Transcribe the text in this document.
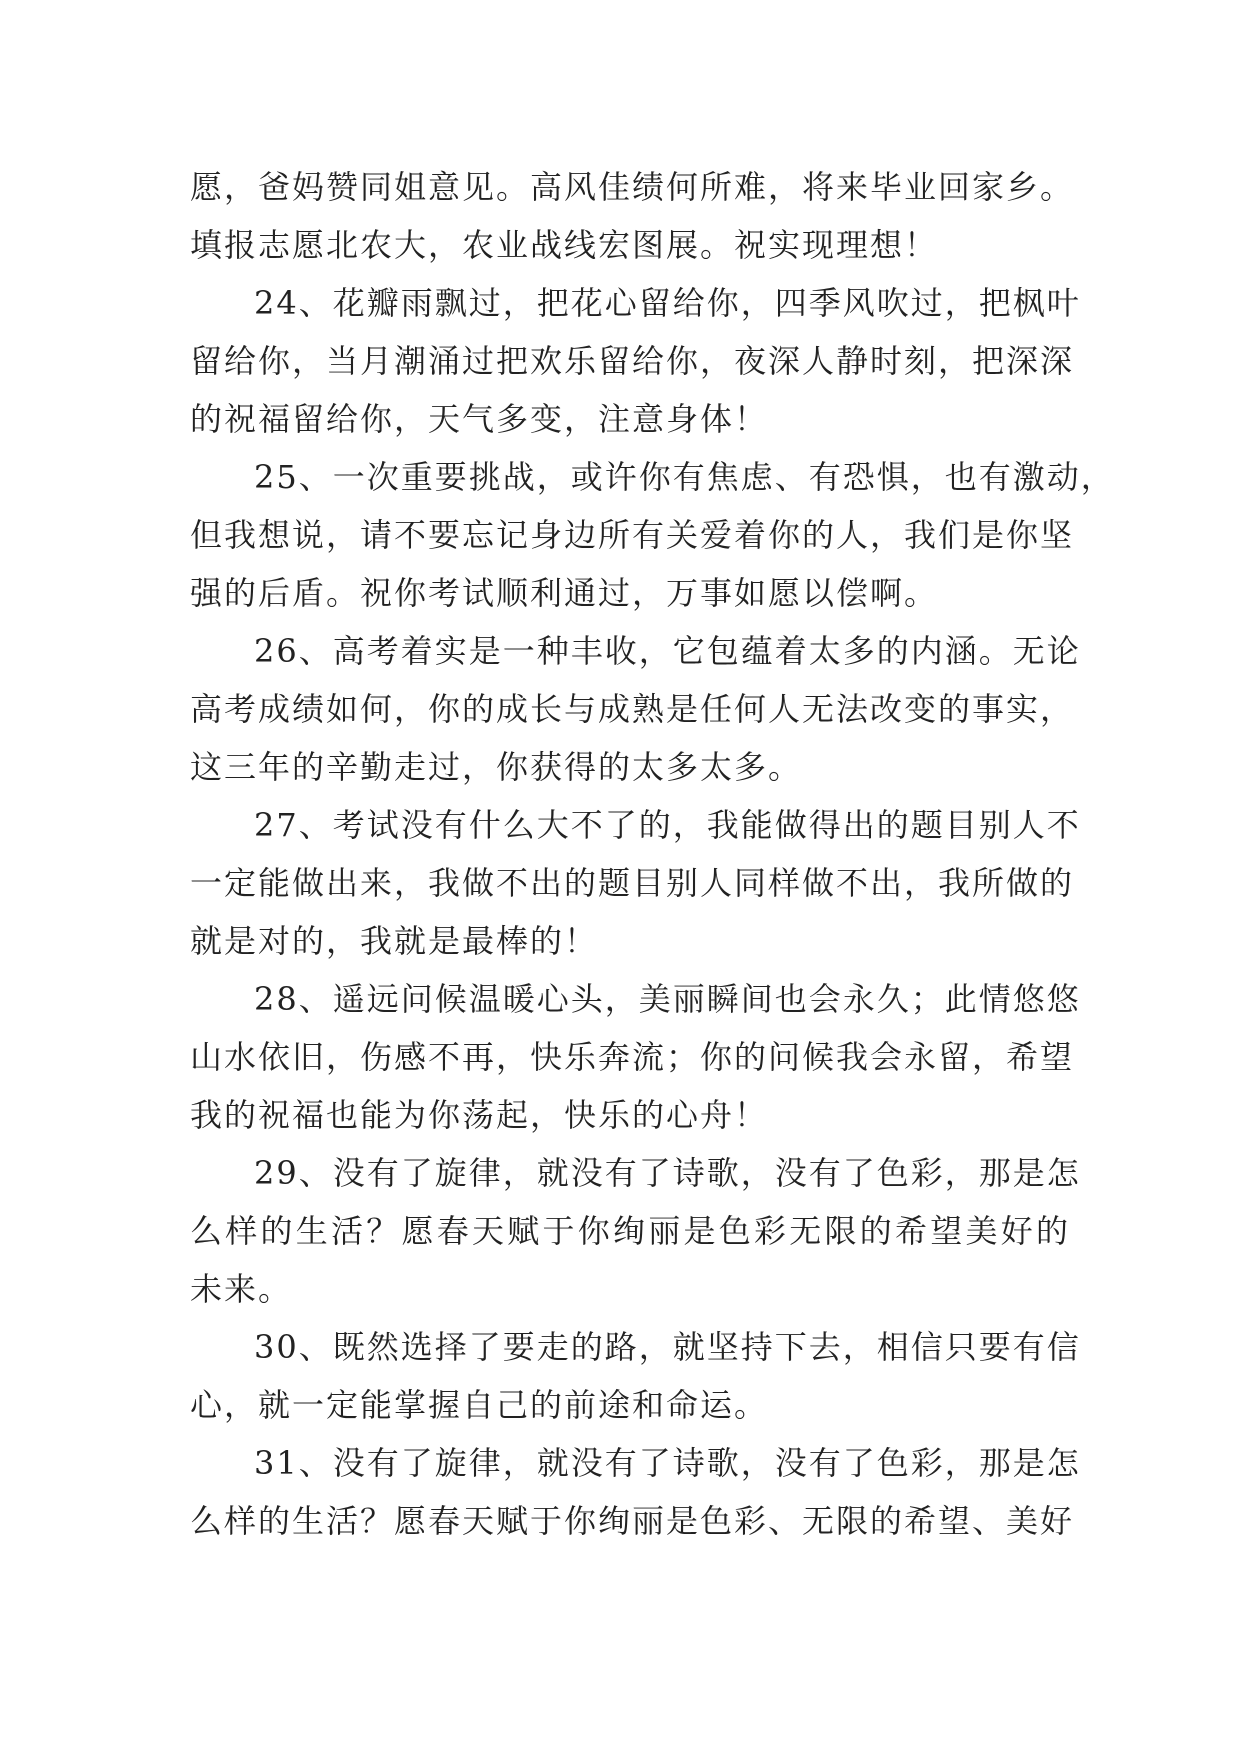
愿，爸妈赞同姐意见。高风佳绩何所难，将来毕业回家乡。
填报志愿北农大，农业战线宏图展。祝实现理想！
24、花瓣雨飘过，把花心留给你，四季风吹过，把枫叶
留给你，当月潮涌过把欢乐留给你，夜深人静时刻，把深深
的祝福留给你，天气多变，注意身体！
25、一次重要挑战，或许你有焦虑、有恐惧，也有激动，
但我想说，请不要忘记身边所有关爱着你的人，我们是你坚
强的后盾。祝你考试顺利通过，万事如愿以偿啊。
26、高考着实是一种丰收，它包蕴着太多的内涵。无论
高考成绩如何，你的成长与成熟是任何人无法改变的事实，
这三年的辛勤走过，你获得的太多太多。
27、考试没有什么大不了的，我能做得出的题目别人不
一定能做出来，我做不出的题目别人同样做不出，我所做的
就是对的，我就是最棒的！
28、遥远问候温暖心头，美丽瞬间也会永久；此情悠悠
山水依旧，伤感不再，快乐奔流；你的问候我会永留，希望
我的祝福也能为你荡起，快乐的心舟！
29、没有了旋律，就没有了诗歌，没有了色彩，那是怎
么样的生活？愿春天赋于你绚丽是色彩无限的希望美好的
未来。
30、既然选择了要走的路，就坚持下去，相信只要有信
心，就一定能掌握自己的前途和命运。
31、没有了旋律，就没有了诗歌，没有了色彩，那是怎
么样的生活？愿春天赋于你绚丽是色彩、无限的希望、美好
